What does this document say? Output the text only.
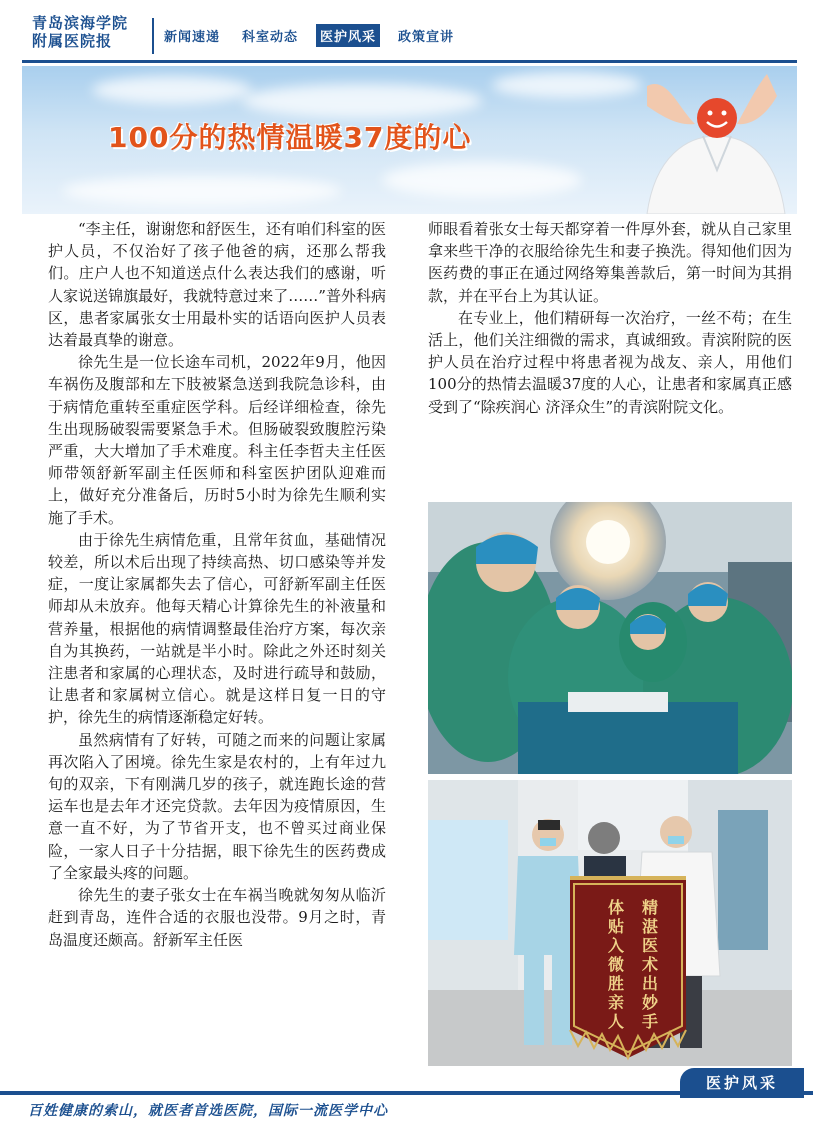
青岛滨海学院
附属医院报	新闻速递	科室动态	医护风采	政策宣讲
100分的热情温暖37度的心

“李主任，谢谢您和舒医生，还有咱们科室的医护人员，不仅治好了孩子他爸的病，还那么帮我们。庄户人也不知道送点什么表达我们的感谢，听人家说送锦旗最好，我就特意过来了……”普外科病区，患者家属张女士用最朴实的话语向医护人员表达着最真挚的谢意。

徐先生是一位长途车司机，2022年9月，他因车祸伤及腹部和左下肢被紧急送到我院急诊科，由于病情危重转至重症医学科。后经详细检查，徐先生出现肠破裂需要紧急手术。但肠破裂致腹腔污染严重，大大增加了手术难度。科主任李哲夫主任医师带领舒新军副主任医师和科室医护团队迎难而上，做好充分准备后，历时5小时为徐先生顺利实施了手术。

由于徐先生病情危重，且常年贫血，基础情况较差，所以术后出现了持续高热、切口感染等并发症，一度让家属都失去了信心，可舒新军副主任医师却从未放弃。他每天精心计算徐先生的补液量和营养量，根据他的病情调整最佳治疗方案，每次亲自为其换药，一站就是半小时。除此之外还时刻关注患者和家属的心理状态，及时进行疏导和鼓励，让患者和家属树立信心。就是这样日复一日的守护，徐先生的病情逐渐稳定好转。

虽然病情有了好转，可随之而来的问题让家属再次陷入了困境。徐先生家是农村的，上有年过九旬的双亲，下有刚满几岁的孩子，就连跑长途的营运车也是去年才还完贷款。去年因为疫情原因，生意一直不好，为了节省开支，也不曾买过商业保险，一家人日子十分拮据，眼下徐先生的医药费成了全家最头疼的问题。

徐先生的妻子张女士在车祸当晚就匆匆从临沂赶到青岛，连件合适的衣服也没带。9月之时，青岛温度还颇高。舒新军主任医

师眼看着张女士每天都穿着一件厚外套，就从自己家里拿来些干净的衣服给徐先生和妻子换洗。得知他们因为医药费的事正在通过网络筹集善款后，第一时间为其捐款，并在平台上为其认证。

在专业上，他们精研每一次治疗，一丝不苟；在生活上，他们关注细微的需求，真诚细致。青滨附院的医护人员在治疗过程中将患者视为战友、亲人，用他们100分的热情去温暖37度的人心，让患者和家属真正感受到了“除疾润心 济泽众生”的青滨附院文化。

精湛医术出妙手
体贴入微胜亲人
医护风采
百姓健康的索山，就医者首选医院，国际一流医学中心
